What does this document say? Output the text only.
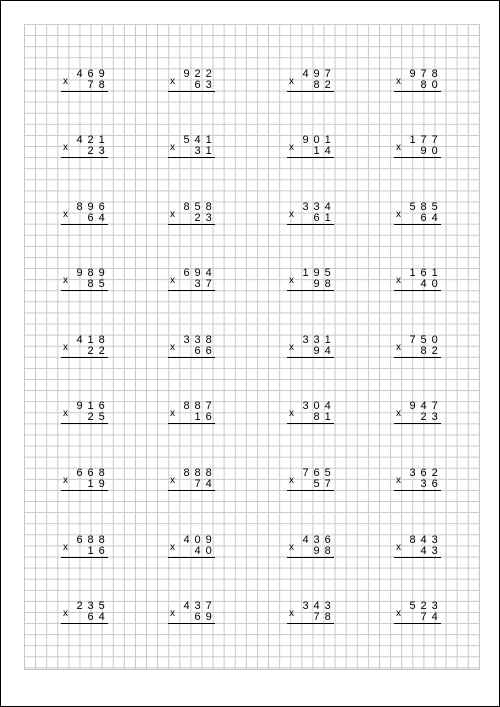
x
4 6 9
7 8	x
9 2 2
6 3	x
4 9 7
8 2	x
9 7 8
8 0
x
4 2 1
2 3	x
5 4 1
3 1	x
9 0 1
1 4	x
1 7 7
9 0
x
8 9 6
6 4	x
8 5 8
2 3	x
3 3 4
6 1	x
5 8 5
6 4
x
9 8 9
8 5	x
6 9 4
3 7	x
1 9 5
9 8	x
1 6 1
4 0
x
4 1 8
2 2	x
3 3 8
6 6	x
3 3 1
9 4	x
7 5 0
8 2
x
9 1 6
2 5	x
8 8 7
1 6	x
3 0 4
8 1	x
9 4 7
2 3
x
6 6 8
1 9	x
8 8 8
7 4	x
7 6 5
5 7	x
3 6 2
3 6
x
6 8 8
1 6	x
4 0 9
4 0	x
4 3 6
9 8	x
8 4 3
4 3
x
2 3 5
6 4	x
4 3 7
6 9	x
3 4 3
7 8	x
5 2 3
7 4
